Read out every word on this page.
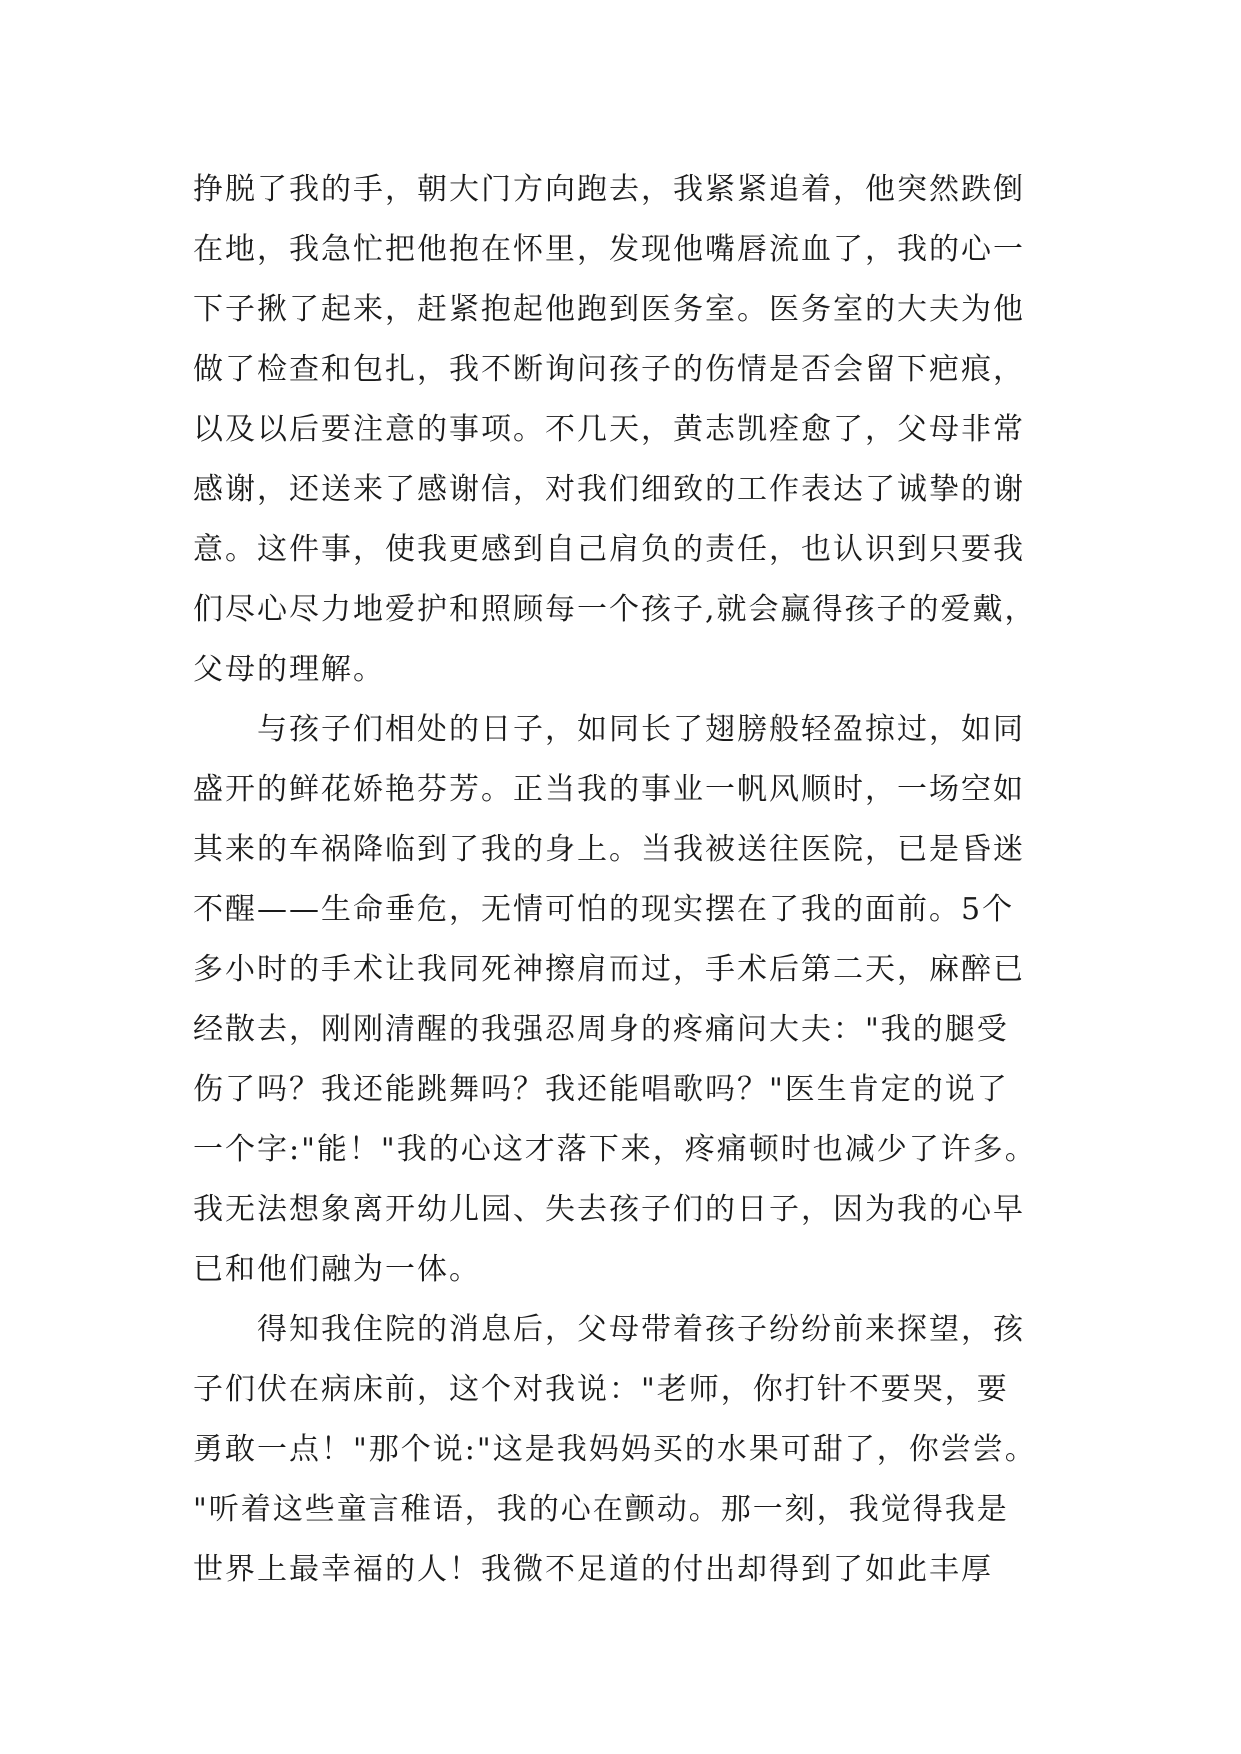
挣脱了我的手，朝大门方向跑去，我紧紧追着，他突然跌倒
在地，我急忙把他抱在怀里，发现他嘴唇流血了，我的心一
下子揪了起来，赶紧抱起他跑到医务室。医务室的大夫为他
做了检查和包扎，我不断询问孩子的伤情是否会留下疤痕，
以及以后要注意的事项。不几天，黄志凯痊愈了，父母非常
感谢，还送来了感谢信，对我们细致的工作表达了诚挚的谢
意。这件事，使我更感到自己肩负的责任，也认识到只要我
们尽心尽力地爱护和照顾每一个孩子,就会赢得孩子的爱戴，
父母的理解。
　　与孩子们相处的日子，如同长了翅膀般轻盈掠过，如同
盛开的鲜花娇艳芬芳。正当我的事业一帆风顺时，一场空如
其来的车祸降临到了我的身上。当我被送往医院，已是昏迷
不醒——生命垂危，无情可怕的现实摆在了我的面前。5个
多小时的手术让我同死神擦肩而过，手术后第二天，麻醉已
经散去，刚刚清醒的我强忍周身的疼痛问大夫："我的腿受
伤了吗？我还能跳舞吗？我还能唱歌吗？"医生肯定的说了
一个字:"能！"我的心这才落下来，疼痛顿时也减少了许多。
我无法想象离开幼儿园、失去孩子们的日子，因为我的心早
已和他们融为一体。
　　得知我住院的消息后，父母带着孩子纷纷前来探望，孩
子们伏在病床前，这个对我说："老师，你打针不要哭，要
勇敢一点！"那个说:"这是我妈妈买的水果可甜了，你尝尝。
"听着这些童言稚语，我的心在颤动。那一刻，我觉得我是
世界上最幸福的人！我微不足道的付出却得到了如此丰厚
